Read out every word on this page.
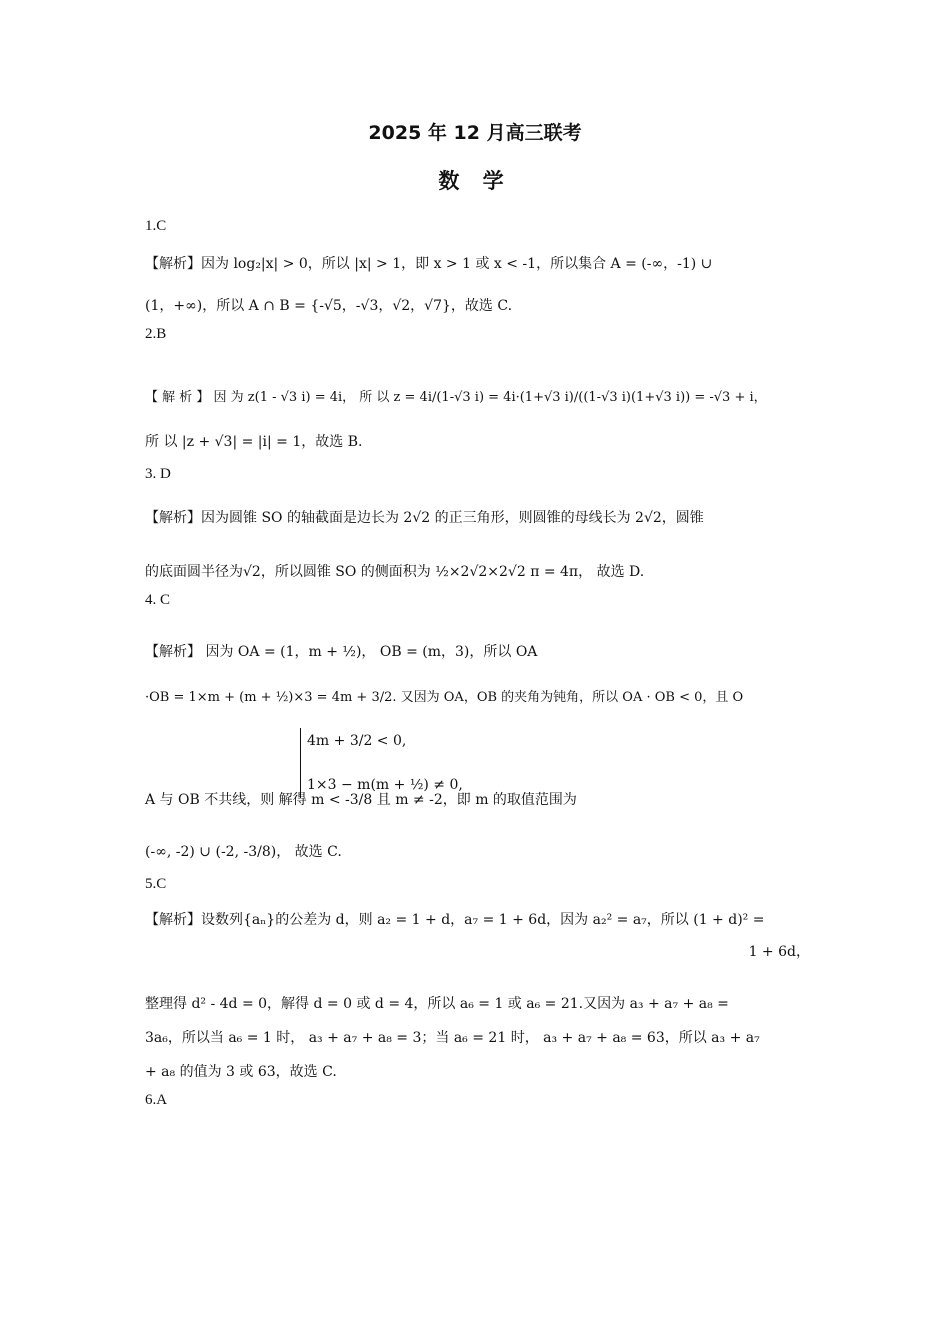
2025 年 12 月高三联考
数 学
1.C
【解析】因为 log₂|x| > 0，所以 |x| > 1，即 x > 1 或 x < -1，所以集合 A = (-∞，-1) ∪
(1，+∞)，所以 A ∩ B = {-√5，-√3，√2，√7}，故选 C.
2.B
【 解 析 】 因 为 z(1 - √3 i) = 4i， 所 以 z = 4i/(1-√3 i) = 4i·(1+√3 i)/((1-√3 i)(1+√3 i)) = -√3 + i，
所 以 |z + √3| = |i| = 1，故选 B.
3. D
【解析】因为圆锥 SO 的轴截面是边长为 2√2 的正三角形，则圆锥的母线长为 2√2，圆锥
的底面圆半径为√2，所以圆锥 SO 的侧面积为 ½×2√2×2√2 π = 4π， 故选 D.
4. C
【解析】 因为 OA = (1，m + ½)， OB = (m，3)，所以 OA
·OB = 1×m + (m + ½)×3 = 4m + 3/2. 又因为 OA，OB 的夹角为钝角，所以 OA · OB < 0，且 O
4m + 3/2 < 0,
1×3 − m(m + ½) ≠ 0,
A 与 OB 不共线，则 解得 m < -3/8 且 m ≠ -2，即 m 的取值范围为
(-∞, -2) ∪ (-2, -3/8)， 故选 C.
5.C
【解析】设数列{aₙ}的公差为 d，则 a₂ = 1 + d，a₇ = 1 + 6d，因为 a₂² = a₇，所以 (1 + d)² =
1 + 6d，
整理得 d² - 4d = 0，解得 d = 0 或 d = 4，所以 a₆ = 1 或 a₆ = 21.又因为 a₃ + a₇ + a₈ =
3a₆，所以当 a₆ = 1 时， a₃ + a₇ + a₈ = 3；当 a₆ = 21 时， a₃ + a₇ + a₈ = 63，所以 a₃ + a₇
+ a₈ 的值为 3 或 63，故选 C.
6.A
